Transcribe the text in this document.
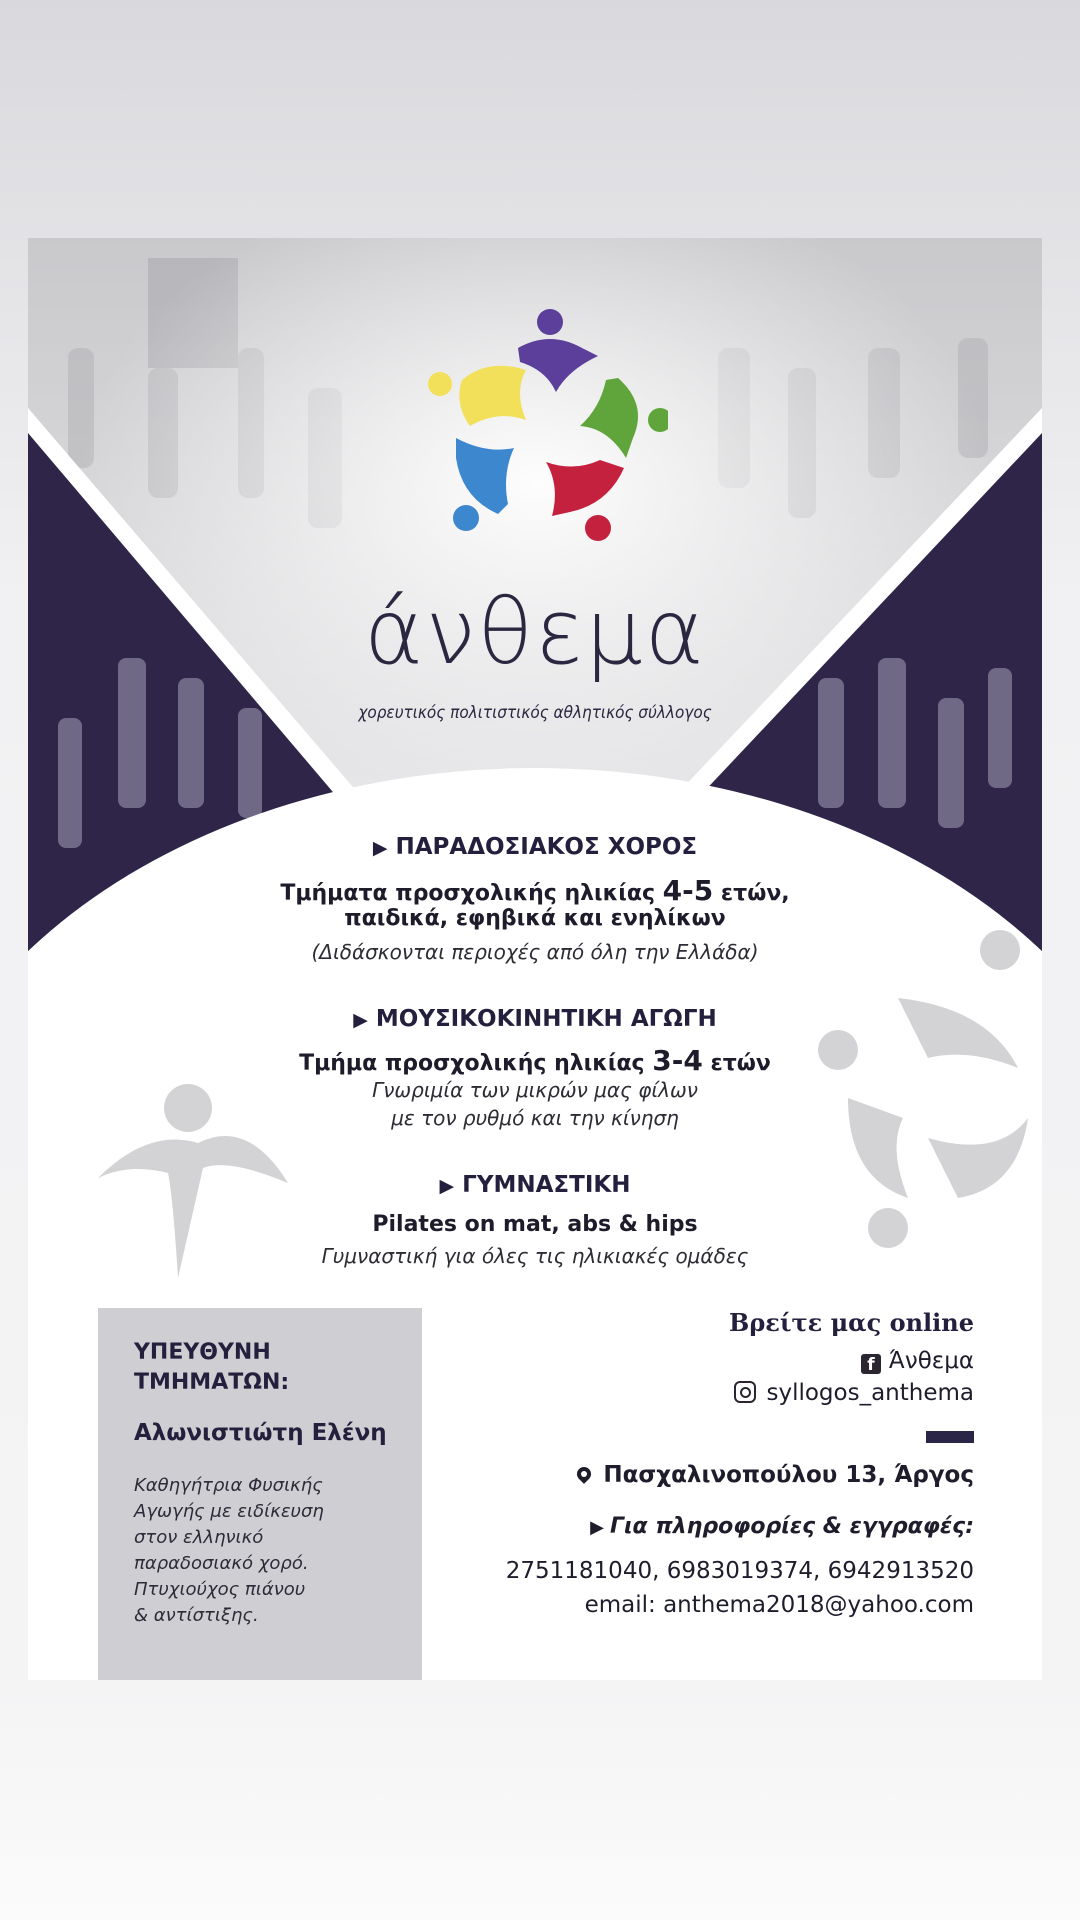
άνθεμα
χορευτικός πολιτιστικός αθλητικός σύλλογος
▶ ΠΑΡΑΔΟΣΙΑΚΟΣ ΧΟΡΟΣ
Τμήματα προσχολικής ηλικίας 4-5 ετών,
παιδικά, εφηβικά και ενηλίκων
(Διδάσκονται περιοχές από όλη την Ελλάδα)
▶ ΜΟΥΣΙΚΟΚΙΝΗΤΙΚΗ ΑΓΩΓΗ
Τμήμα προσχολικής ηλικίας 3-4 ετών
Γνωριμία των μικρών μας φίλων
με τον ρυθμό και την κίνηση
▶ ΓΥΜΝΑΣΤΙΚΗ
Pilates on mat, abs & hips
Γυμναστική για όλες τις ηλικιακές ομάδες
ΥΠΕΥΘΥΝΗ
ΤΜΗΜΑΤΩΝ:
Αλωνιστιώτη Ελένη
Καθηγήτρια Φυσικής
Αγωγής με ειδίκευση
στον ελληνικό
παραδοσιακό χορό.
Πτυχιούχος πιάνου
& αντίστιξης.
Βρείτε μας online
f Άνθεμα
syllogos_anthema
Πασχαλινοπούλου 13, Άργος
▶ Για πληροφορίες & εγγραφές:
2751181040, 6983019374, 6942913520
email: anthema2018@yahoo.com
